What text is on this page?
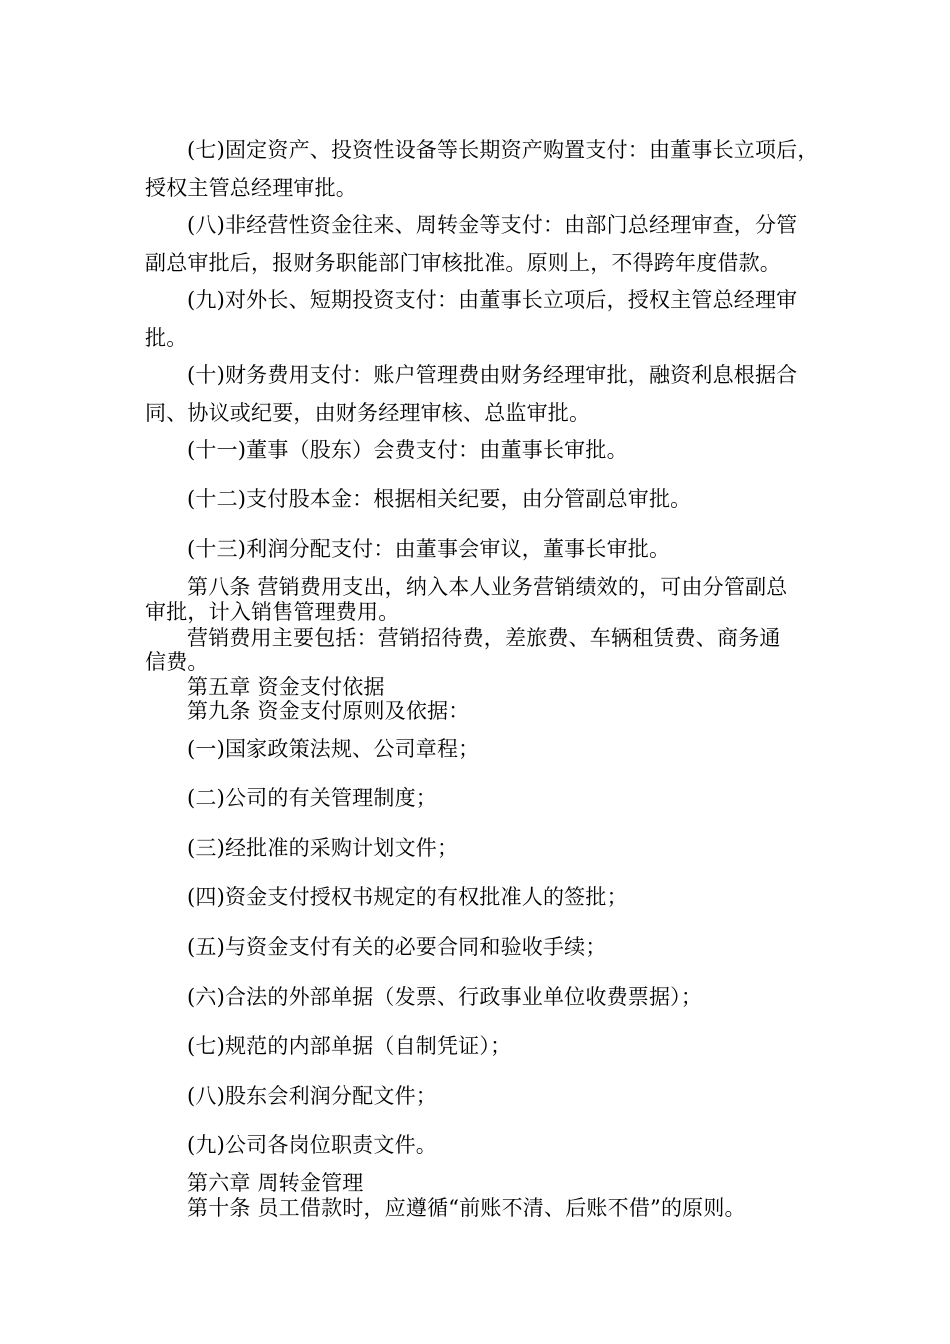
(七)固定资产、投资性设备等长期资产购置支付：由董事长立项后，
授权主管总经理审批。
(八)非经营性资金往来、周转金等支付：由部门总经理审查，分管
副总审批后，报财务职能部门审核批准。原则上，不得跨年度借款。
(九)对外长、短期投资支付：由董事长立项后，授权主管总经理审
批。
(十)财务费用支付：账户管理费由财务经理审批，融资利息根据合
同、协议或纪要，由财务经理审核、总监审批。
(十一)董事（股东）会费支付：由董事长审批。
(十二)支付股本金：根据相关纪要，由分管副总审批。
(十三)利润分配支付：由董事会审议，董事长审批。
第八条 营销费用支出，纳入本人业务营销绩效的，可由分管副总
审批，计入销售管理费用。
营销费用主要包括：营销招待费，差旅费、车辆租赁费、商务通
信费。
第五章 资金支付依据
第九条 资金支付原则及依据：
(一)国家政策法规、公司章程；
(二)公司的有关管理制度；
(三)经批准的采购计划文件；
(四)资金支付授权书规定的有权批准人的签批；
(五)与资金支付有关的必要合同和验收手续；
(六)合法的外部单据（发票、行政事业单位收费票据）；
(七)规范的内部单据（自制凭证）；
(八)股东会利润分配文件；
(九)公司各岗位职责文件。
第六章 周转金管理
第十条 员工借款时，应遵循“前账不清、后账不借”的原则。
